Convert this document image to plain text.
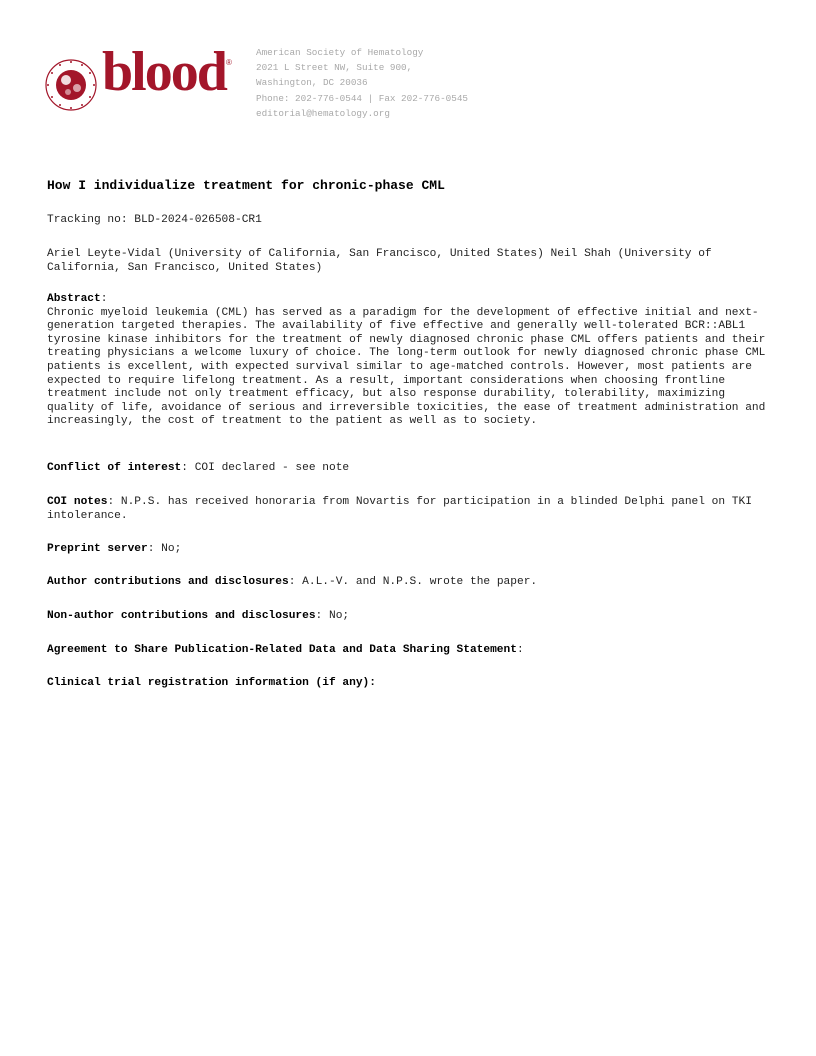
blood ®
American Society of Hematology
2021 L Street NW, Suite 900,
Washington, DC 20036
Phone: 202-776-0544 | Fax 202-776-0545
editorial@hematology.org
How I individualize treatment for chronic-phase CML
Tracking no: BLD-2024-026508-CR1
Ariel Leyte-Vidal (University of California, San Francisco, United States) Neil Shah (University of California, San Francisco, United States)
Abstract:
Chronic myeloid leukemia (CML) has served as a paradigm for the development of effective initial and next-generation targeted therapies. The availability of five effective and generally well-tolerated BCR::ABL1 tyrosine kinase inhibitors for the treatment of newly diagnosed chronic phase CML offers patients and their treating physicians a welcome luxury of choice. The long-term outlook for newly diagnosed chronic phase CML patients is excellent, with expected survival similar to age-matched controls. However, most patients are expected to require lifelong treatment. As a result, important considerations when choosing frontline treatment include not only treatment efficacy, but also response durability, tolerability, maximizing quality of life, avoidance of serious and irreversible toxicities, the ease of treatment administration and increasingly, the cost of treatment to the patient as well as to society.
Conflict of interest: COI declared - see note
COI notes: N.P.S. has received honoraria from Novartis for participation in a blinded Delphi panel on TKI intolerance.
Preprint server: No;
Author contributions and disclosures: A.L.-V. and N.P.S. wrote the paper.
Non-author contributions and disclosures: No;
Agreement to Share Publication-Related Data and Data Sharing Statement:
Clinical trial registration information (if any):
